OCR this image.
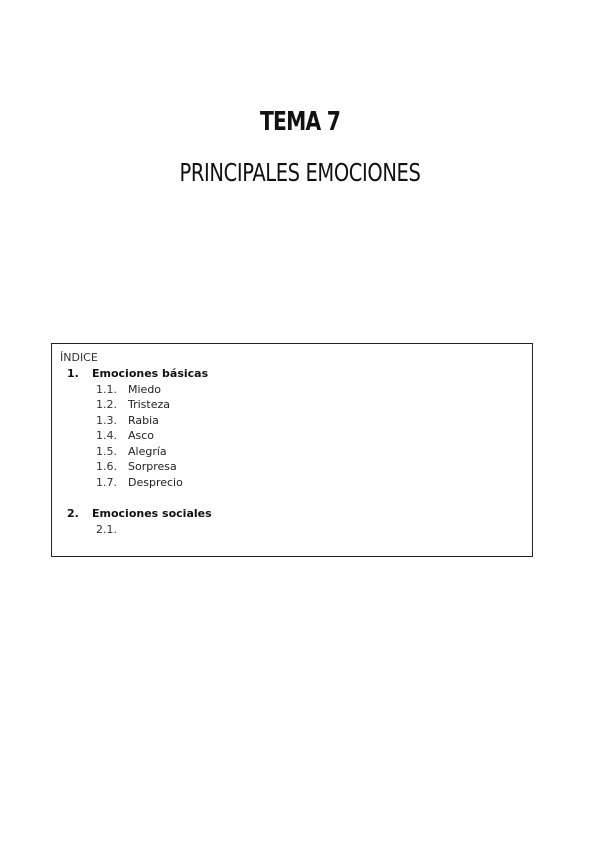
TEMA 7
PRINCIPALES EMOCIONES
ÍNDICE
1. Emociones básicas
1.1. Miedo
1.2. Tristeza
1.3. Rabia
1.4. Asco
1.5. Alegría
1.6. Sorpresa
1.7. Desprecio
2. Emociones sociales
2.1.
